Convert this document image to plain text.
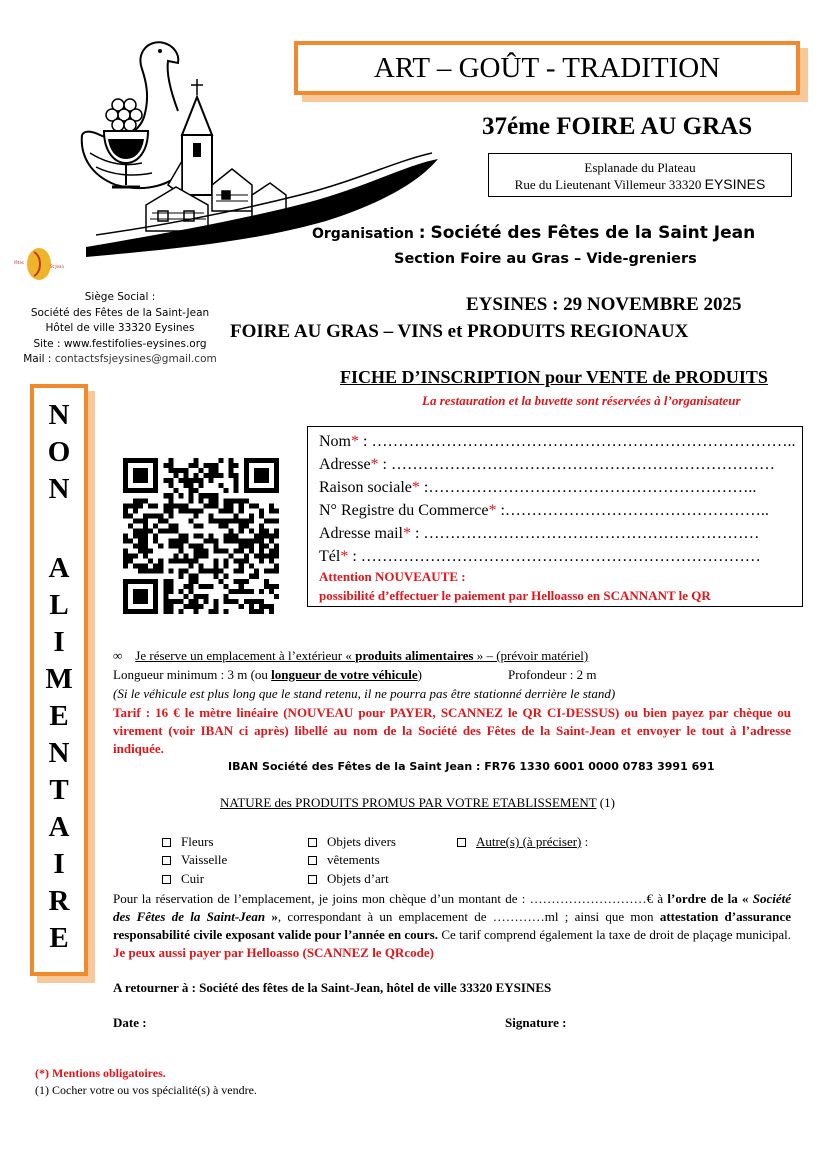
fêtes
St Jean
ART – GOÛT - TRADITION
37éme FOIRE AU GRAS
Esplanade du Plateau
Rue du Lieutenant Villemeur 33320 EYSINES
Organisation : Société des Fêtes de la Saint Jean
Section Foire au Gras – Vide-greniers
Siège Social :
Société des Fêtes de la Saint-Jean
Hôtel de ville 33320 Eysines
Site : www.festifolies-eysines.org
Mail : contactsfsjeysines@gmail.com
EYSINES : 29 NOVEMBRE 2025
FOIRE AU GRAS – VINS et PRODUITS REGIONAUX
FICHE D’INSCRIPTION pour VENTE de PRODUITS
La restauration et la buvette sont réservées à l’organisateur
N
O
N
A
L
I
M
E
N
T
A
I
R
E
Nom* : ……………………………………………………………………..
Adresse* : ………………………………………………………………
Raison sociale* :……………………………………………………..
N° Registre du Commerce* :…………………………………………..
Adresse mail* : ………………………………………………………
Tél* : …………………………………………………………………
Attention NOUVEAUTE :
possibilité d’effectuer le paiement par Helloasso en SCANNANT le QR
∞ Je réserve un emplacement à l’extérieur « produits alimentaires » – (prévoir matériel)
Longueur minimum : 3 m (ou longueur de votre véhicule)	Profondeur : 2 m
(Si le véhicule est plus long que le stand retenu, il ne pourra pas être stationné derrière le stand)
Tarif : 16 € le mètre linéaire (NOUVEAU pour PAYER, SCANNEZ le QR CI-DESSUS) ou bien payez par chèque ou virement (voir IBAN ci après) libellé au nom de la Société des Fêtes de la Saint-Jean et envoyer le tout à l’adresse indiquée.
IBAN Société des Fêtes de la Saint Jean : FR76 1330 6001 0000 0783 3991 691
NATURE des PRODUITS PROMUS PAR VOTRE ETABLISSEMENT (1)
Fleurs
Vaisselle
Cuir
Objets divers
vêtements
Objets d’art
Autre(s) (à préciser) :
Pour la réservation de l’emplacement, je joins mon chèque d’un montant de : ………………………€ à l’ordre de la « Société des Fêtes de la Saint-Jean », correspondant à un emplacement de …………ml ; ainsi que mon attestation d’assurance responsabilité civile exposant valide pour l’année en cours. Ce tarif comprend également la taxe de droit de plaçage municipal. Je peux aussi payer par Helloasso (SCANNEZ le QRcode)
A retourner à : Société des fêtes de la Saint-Jean, hôtel de ville 33320 EYSINES
Date :	Signature :
(*) Mentions obligatoires.
(1) Cocher votre ou vos spécialité(s) à vendre.
